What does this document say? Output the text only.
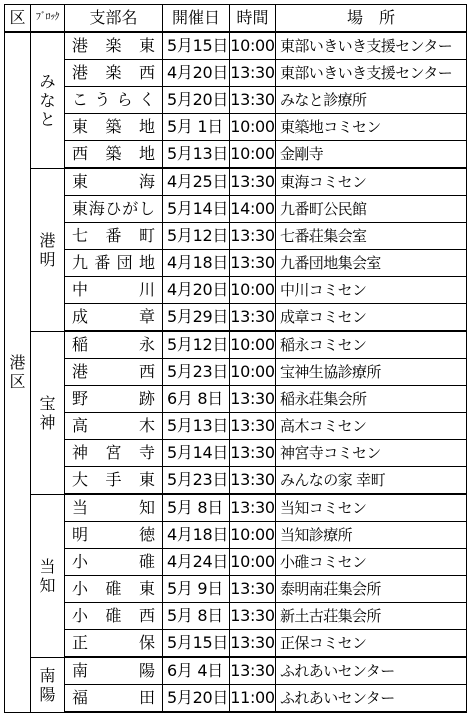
区	ﾌﾞﾛｯｸ	支部名	開催日	時間	場　所
港区	みなと	港楽東	5月15日	10:00	東部いきいき支援センター

		港楽西	4月20日	13:30	東部いきいき支援センター

		こうらく	5月20日	13:30	みなと診療所

		東築地	5月 1日	10:00	東築地コミセン

		西築地	5月13日	10:00	金剛寺
	港明	東海	4月25日	13:30	東海コミセン

		東海ひがし	5月14日	14:00	九番町公民館

		七番町	5月12日	13:30	七番荘集会室

		九番団地	4月18日	13:30	九番団地集会室

		中川	4月20日	10:00	中川コミセン

		成章	5月29日	13:30	成章コミセン
	宝神	稲永	5月12日	10:00	稲永コミセン

		港西	5月23日	10:00	宝神生協診療所

		野跡	6月 8日	13:30	稲永荘集会所

		高木	5月13日	13:30	高木コミセン

		神宮寺	5月14日	13:30	神宮寺コミセン

		大手東	5月23日	13:30	みんなの家 幸町
	当知	当知	5月 8日	13:30	当知コミセン

		明徳	4月18日	10:00	当知診療所

		小碓	4月24日	10:00	小碓コミセン

		小碓東	5月 9日	13:30	泰明南荘集会所

		小碓西	5月 8日	13:30	新土古荘集会所

		正保	5月15日	13:30	正保コミセン
	南陽	南陽	6月 4日	13:30	ふれあいセンター

		福田	5月20日	11:00	ふれあいセンター
